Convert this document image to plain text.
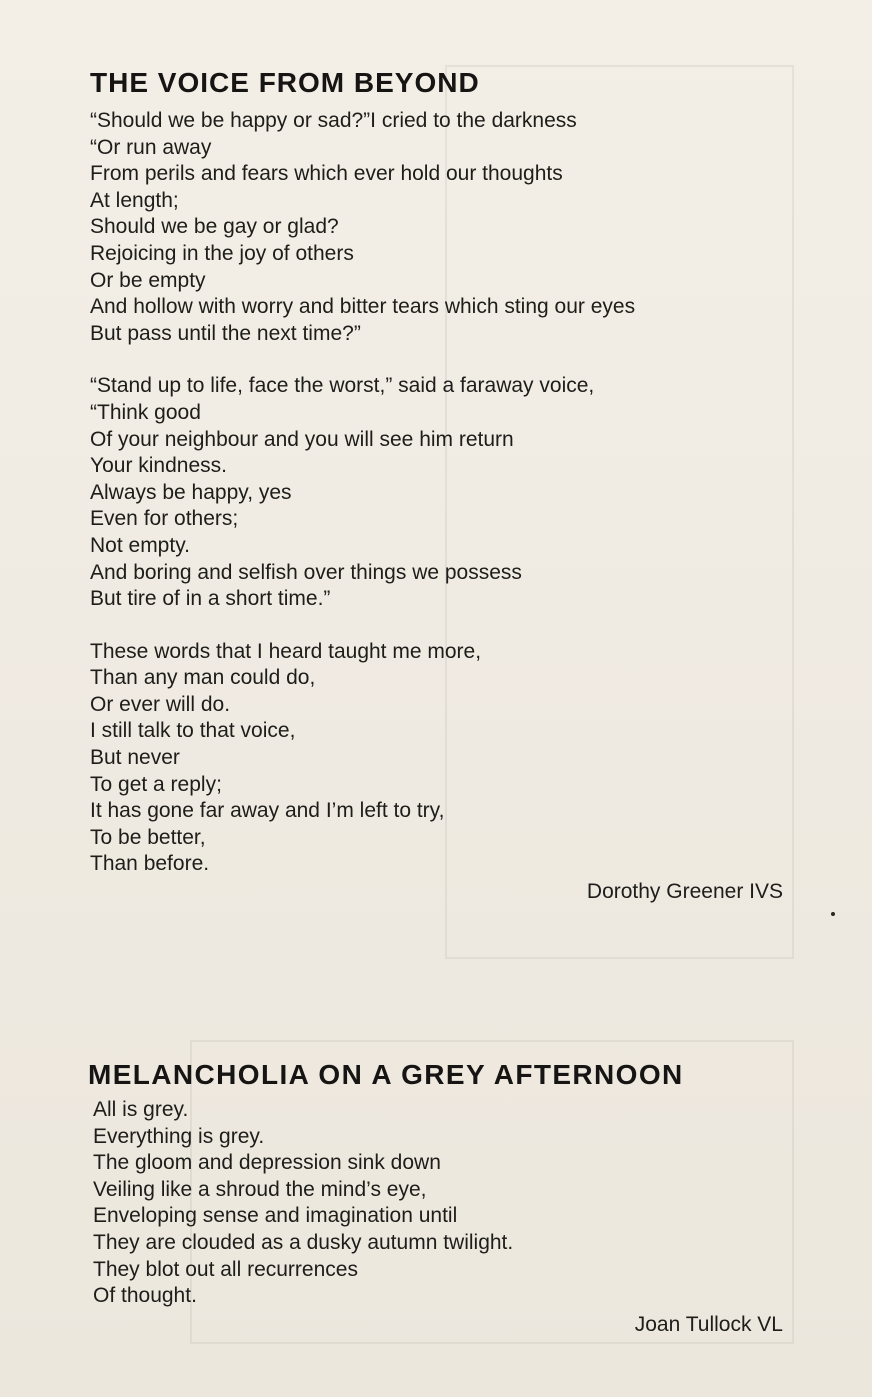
THE VOICE FROM BEYOND
“Should we be happy or sad?”I cried to the darkness
“Or run away
From perils and fears which ever hold our thoughts
At length;
Should we be gay or glad?
Rejoicing in the joy of others
Or be empty
And hollow with worry and bitter tears which sting our eyes
But pass until the next time?”
“Stand up to life, face the worst,” said a faraway voice,
“Think good
Of your neighbour and you will see him return
Your kindness.
Always be happy, yes
Even for others;
Not empty.
And boring and selfish over things we possess
But tire of in a short time.”
These words that I heard taught me more,
Than any man could do,
Or ever will do.
I still talk to that voice,
But never
To get a reply;
It has gone far away and I’m left to try,
To be better,
Than before.
Dorothy Greener IVS
MELANCHOLIA ON A GREY AFTERNOON
All is grey.
Everything is grey.
The gloom and depression sink down
Veiling like a shroud the mind’s eye,
Enveloping sense and imagination until
They are clouded as a dusky autumn twilight.
They blot out all recurrences
Of thought.
Joan Tullock VL
